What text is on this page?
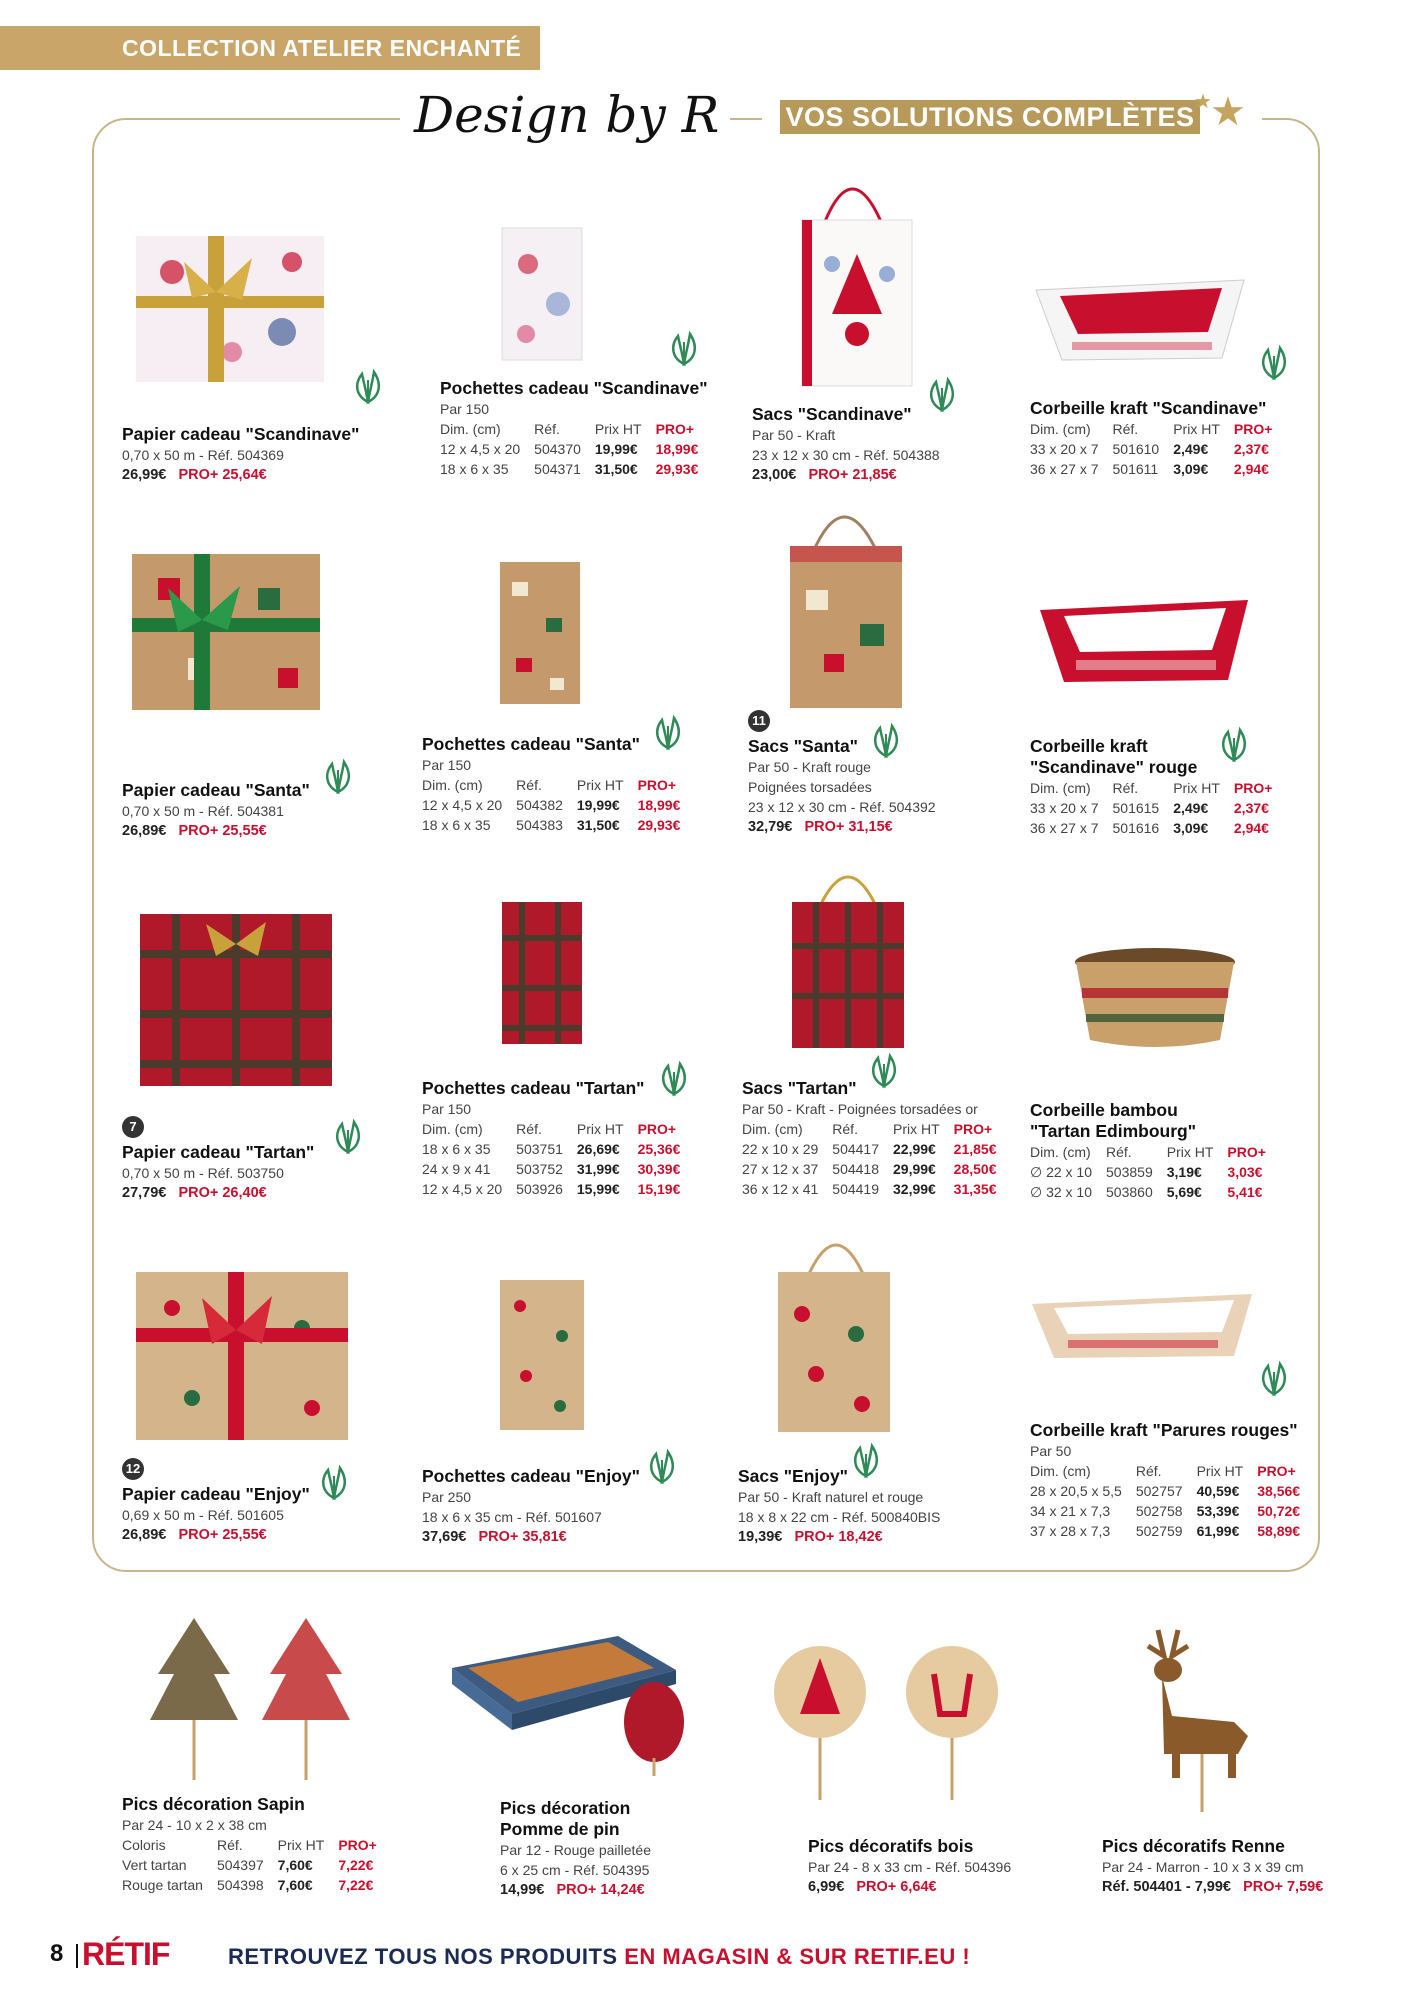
COLLECTION ATELIER ENCHANTÉ
Design by R VOS SOLUTIONS COMPLÈTES ★
★
Papier cadeau "Scandinave"
0,70 x 50 m - Réf. 504369
26,99€ PRO+ 25,64€
Pochettes cadeau "Scandinave"
Par 150
Dim. (cm)	Réf.	Prix HT	PRO+
12 x 4,5 x 20	504370	19,99€	18,99€
18 x 6 x 35	504371	31,50€	29,93€
Sacs "Scandinave"
Par 50 - Kraft
23 x 12 x 30 cm - Réf. 504388
23,00€ PRO+ 21,85€
Corbeille kraft "Scandinave"
Dim. (cm)	Réf.	Prix HT	PRO+
33 x 20 x 7	501610	2,49€	2,37€
36 x 27 x 7	501611	3,09€	2,94€
Papier cadeau "Santa"
0,70 x 50 m - Réf. 504381
26,89€ PRO+ 25,55€
Pochettes cadeau "Santa"
Par 150
Dim. (cm)	Réf.	Prix HT	PRO+
12 x 4,5 x 20	504382	19,99€	18,99€
18 x 6 x 35	504383	31,50€	29,93€
11
Sacs "Santa"
Par 50 - Kraft rouge
Poignées torsadées
23 x 12 x 30 cm - Réf. 504392
32,79€ PRO+ 31,15€
Corbeille kraft
"Scandinave" rouge
Dim. (cm)	Réf.	Prix HT	PRO+
33 x 20 x 7	501615	2,49€	2,37€
36 x 27 x 7	501616	3,09€	2,94€
7
Papier cadeau "Tartan"
0,70 x 50 m - Réf. 503750
27,79€ PRO+ 26,40€
Pochettes cadeau "Tartan"
Par 150
Dim. (cm)	Réf.	Prix HT	PRO+
18 x 6 x 35	503751	26,69€	25,36€
24 x 9 x 41	503752	31,99€	30,39€
12 x 4,5 x 20	503926	15,99€	15,19€
Sacs "Tartan"
Par 50 - Kraft - Poignées torsadées or
Dim. (cm)	Réf.	Prix HT	PRO+
22 x 10 x 29	504417	22,99€	21,85€
27 x 12 x 37	504418	29,99€	28,50€
36 x 12 x 41	504419	32,99€	31,35€
Corbeille bambou
"Tartan Edimbourg"
Dim. (cm)	Réf.	Prix HT	PRO+
∅ 22 x 10	503859	3,19€	3,03€
∅ 32 x 10	503860	5,69€	5,41€
12
Papier cadeau "Enjoy"
0,69 x 50 m - Réf. 501605
26,89€ PRO+ 25,55€
Pochettes cadeau "Enjoy"
Par 250
18 x 6 x 35 cm - Réf. 501607
37,69€ PRO+ 35,81€
Sacs "Enjoy"
Par 50 - Kraft naturel et rouge
18 x 8 x 22 cm - Réf. 500840BIS
19,39€ PRO+ 18,42€
Corbeille kraft "Parures rouges"
Par 50
Dim. (cm)	Réf.	Prix HT	PRO+
28 x 20,5 x 5,5	502757	40,59€	38,56€
34 x 21 x 7,3	502758	53,39€	50,72€
37 x 28 x 7,3	502759	61,99€	58,89€
Pics décoration Sapin
Par 24 - 10 x 2 x 38 cm
Coloris	Réf.	Prix HT	PRO+
Vert tartan	504397	7,60€	7,22€
Rouge tartan	504398	7,60€	7,22€
Pics décoration
Pomme de pin
Par 12 - Rouge pailletée
6 x 25 cm - Réf. 504395
14,99€ PRO+ 14,24€
Pics décoratifs bois
Par 24 - 8 x 33 cm - Réf. 504396
6,99€ PRO+ 6,64€
Pics décoratifs Renne
Par 24 - Marron - 10 x 3 x 39 cm
Réf. 504401 - 7,99€ PRO+ 7,59€
8 RÉTIF	RETROUVEZ TOUS NOS PRODUITS EN MAGASIN & SUR RETIF.EU !
